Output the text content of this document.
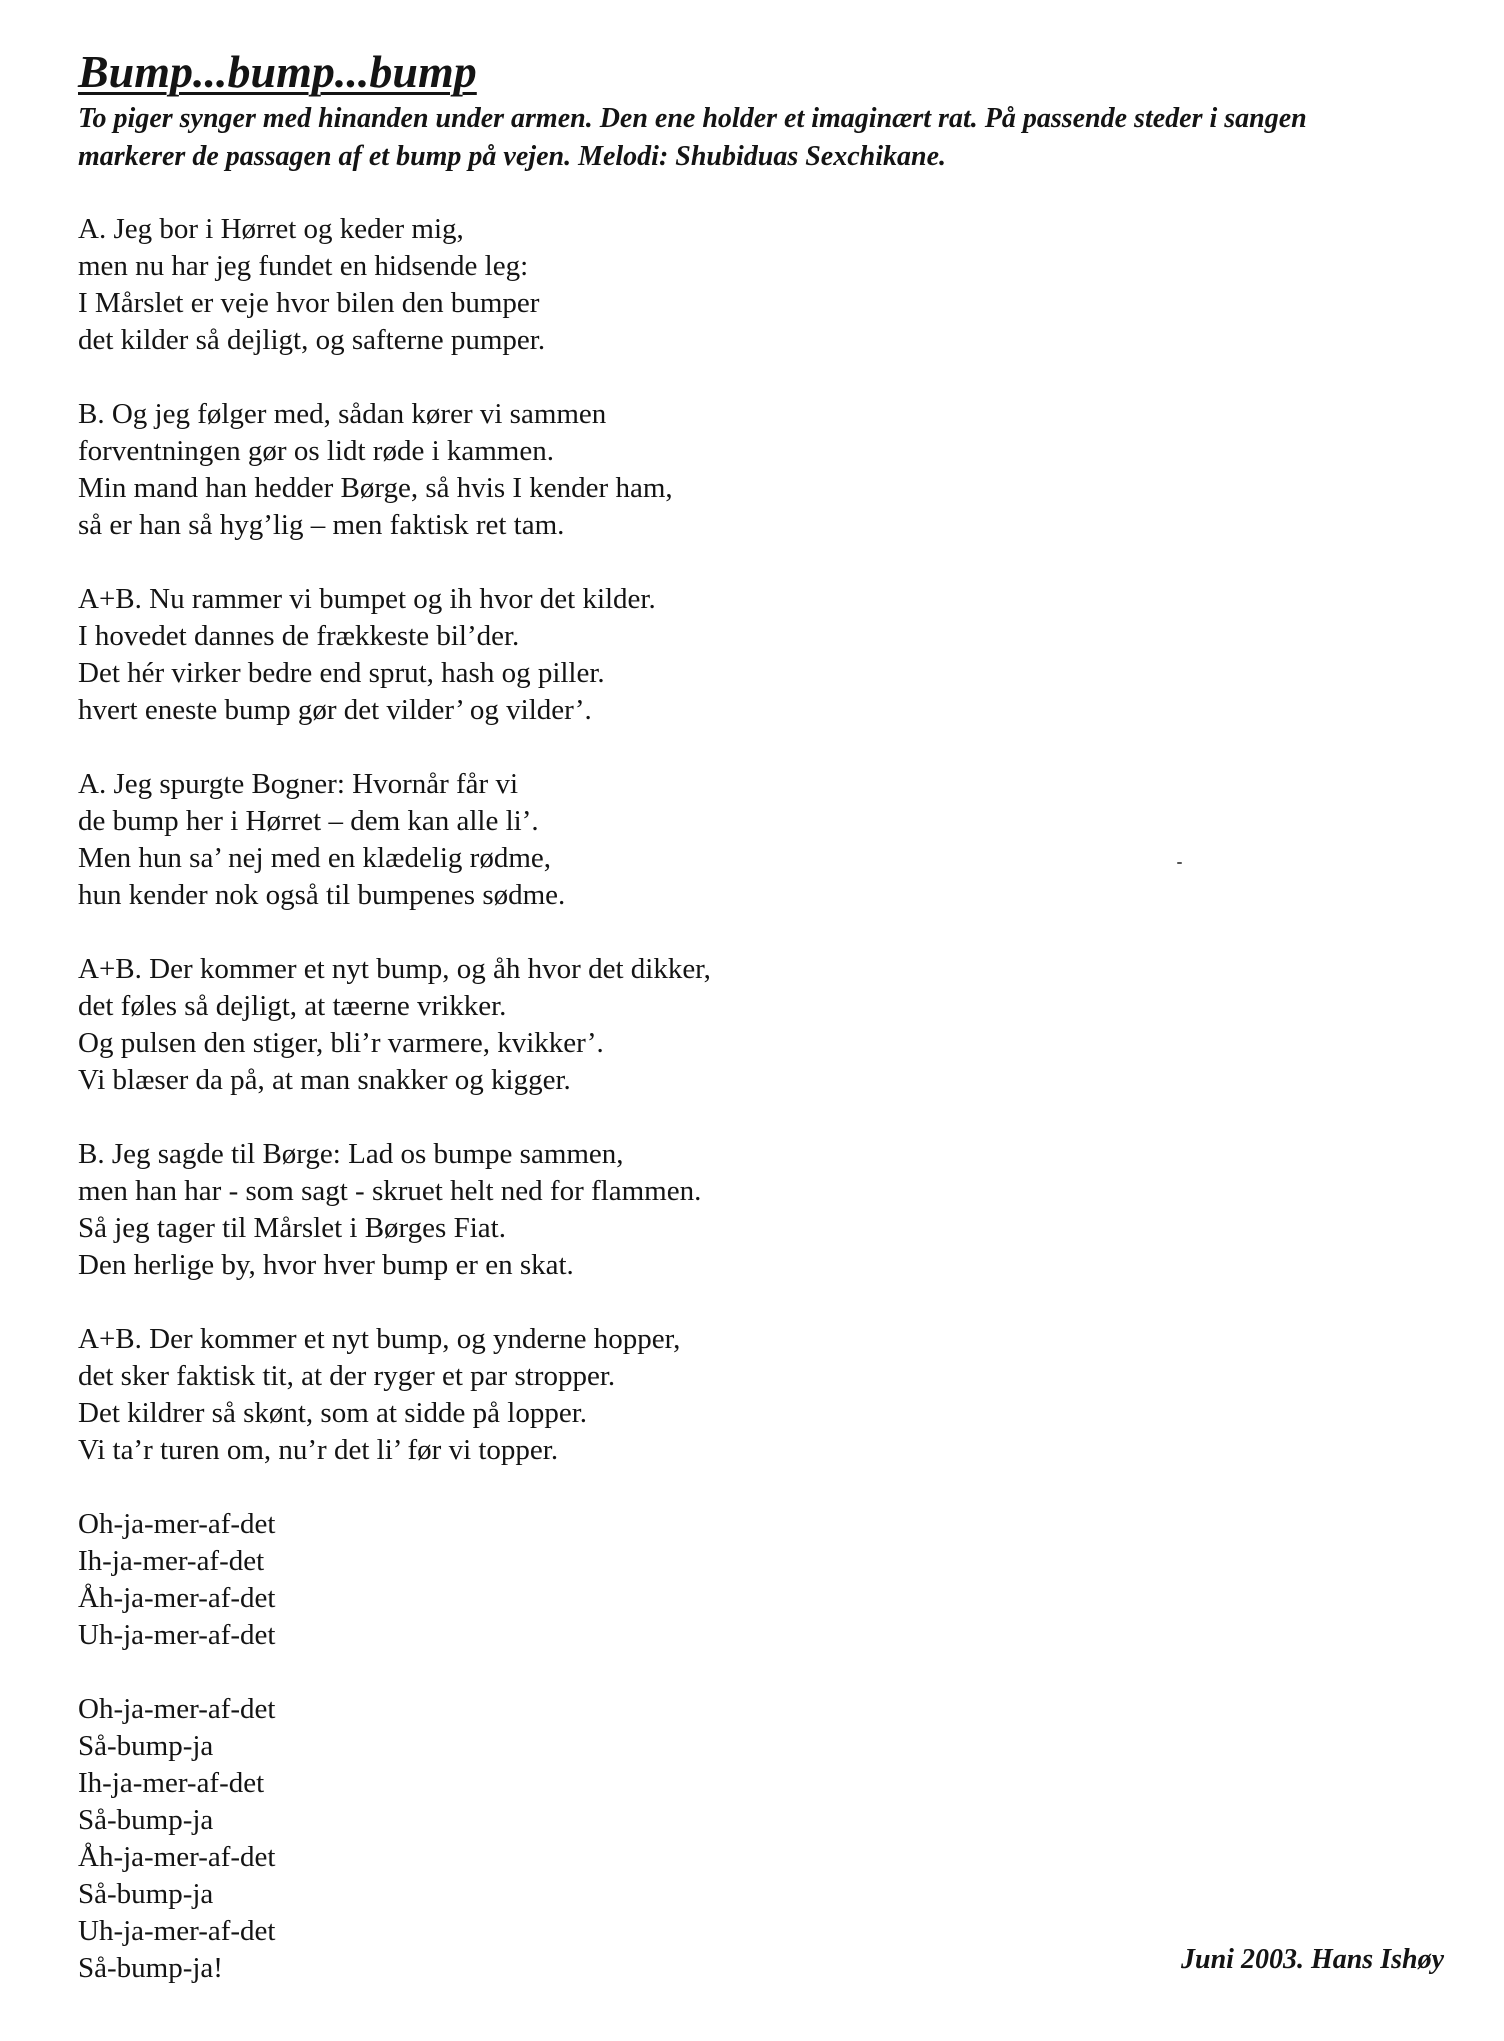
Bump...bump...bump
To piger synger med hinanden under armen. Den ene holder et imaginært rat. På passende steder i sangen
markerer de passagen af et bump på vejen. Melodi: Shubiduas Sexchikane.
A. Jeg bor i Hørret og keder mig,
men nu har jeg fundet en hidsende leg:
I Mårslet er veje hvor bilen den bumper
det kilder så dejligt, og safterne pumper.
B. Og jeg følger med, sådan kører vi sammen
forventningen gør os lidt røde i kammen.
Min mand han hedder Børge, så hvis I kender ham,
så er han så hyg’lig – men faktisk ret tam.
A+B. Nu rammer vi bumpet og ih hvor det kilder.
I hovedet dannes de frækkeste bil’der.
Det hér virker bedre end sprut, hash og piller.
hvert eneste bump gør det vilder’ og vilder’.
A. Jeg spurgte Bogner: Hvornår får vi
de bump her i Hørret – dem kan alle li’.
Men hun sa’ nej med en klædelig rødme,
hun kender nok også til bumpenes sødme.
A+B. Der kommer et nyt bump, og åh hvor det dikker,
det føles så dejligt, at tæerne vrikker.
Og pulsen den stiger, bli’r varmere, kvikker’.
Vi blæser da på, at man snakker og kigger.
B. Jeg sagde til Børge: Lad os bumpe sammen,
men han har - som sagt - skruet helt ned for flammen.
Så jeg tager til Mårslet i Børges Fiat.
Den herlige by, hvor hver bump er en skat.
A+B. Der kommer et nyt bump, og ynderne hopper,
det sker faktisk tit, at der ryger et par stropper.
Det kildrer så skønt, som at sidde på lopper.
Vi ta’r turen om, nu’r det li’ før vi topper.
Oh-ja-mer-af-det
Ih-ja-mer-af-det
Åh-ja-mer-af-det
Uh-ja-mer-af-det
Oh-ja-mer-af-det
Så-bump-ja
Ih-ja-mer-af-det
Så-bump-ja
Åh-ja-mer-af-det
Så-bump-ja
Uh-ja-mer-af-det
Så-bump-ja!	Juni 2003. Hans Ishøy
